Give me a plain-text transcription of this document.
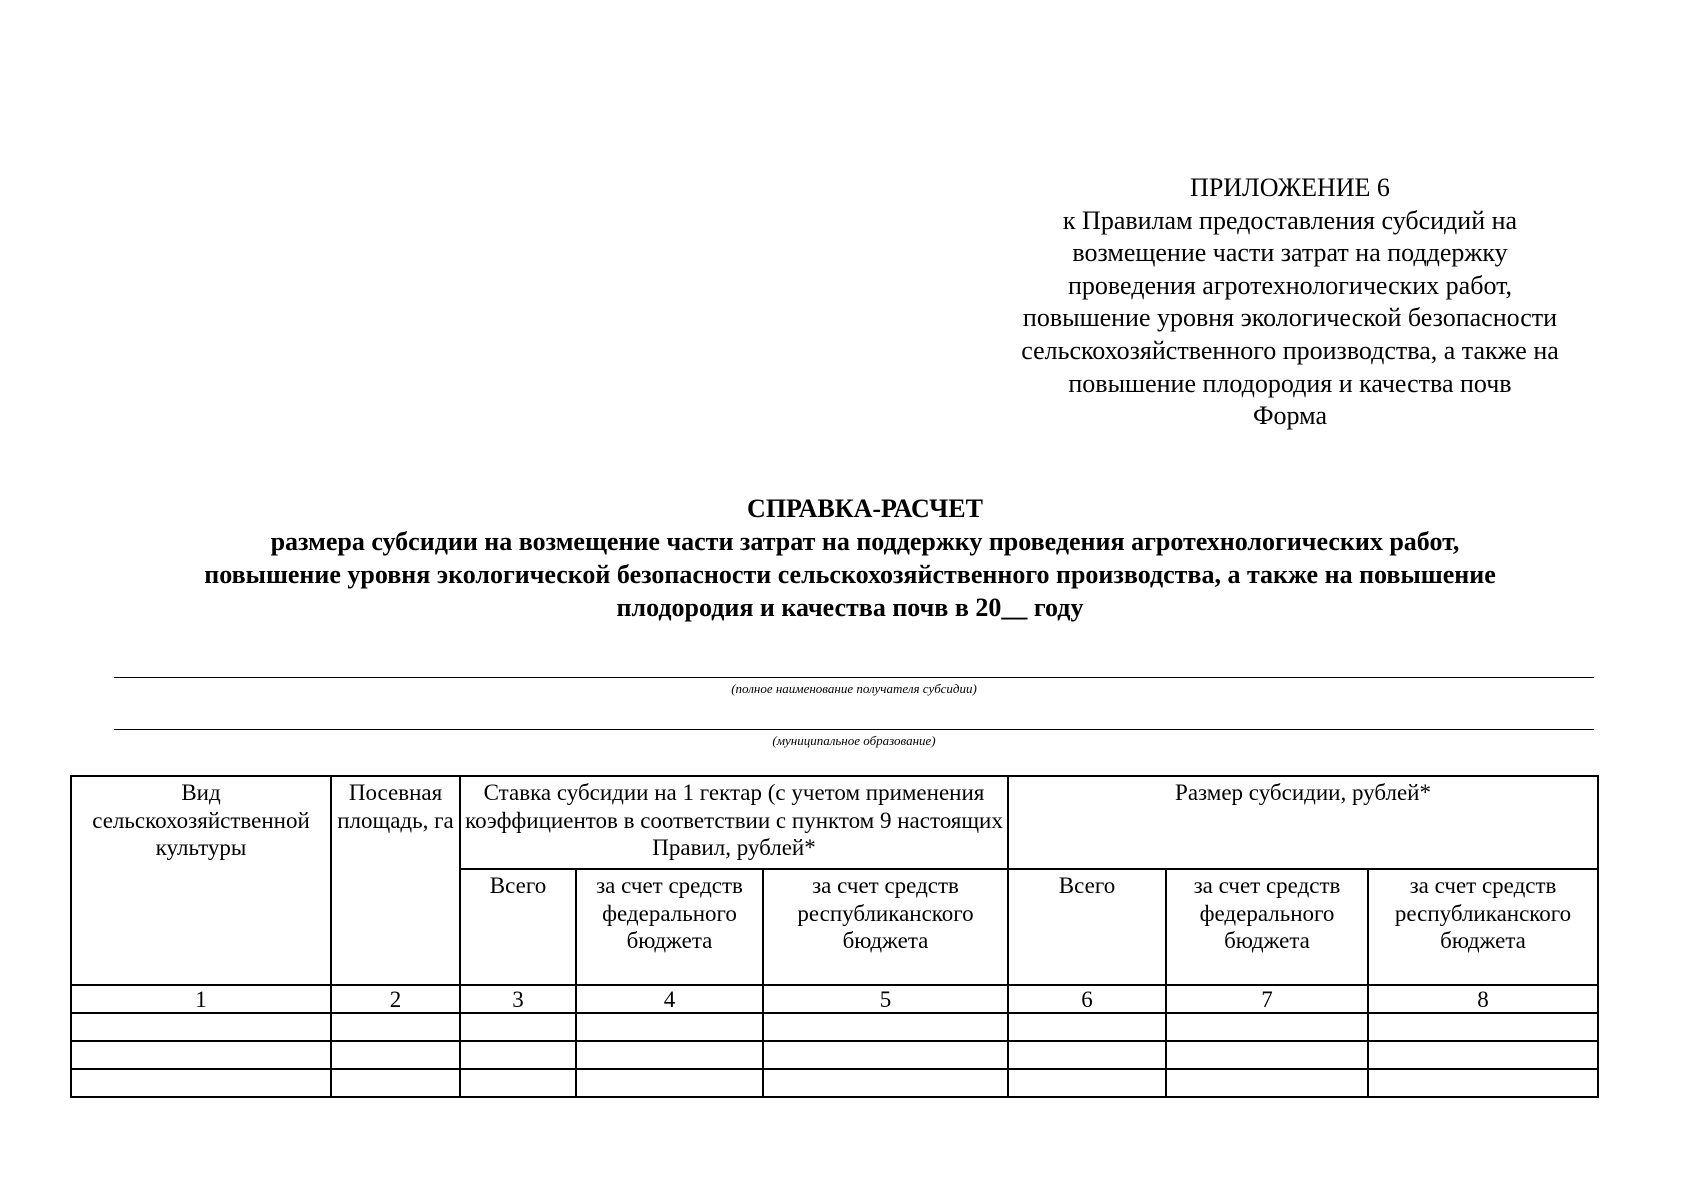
ПРИЛОЖЕНИЕ 6
к Правилам предоставления субсидий на
возмещение части затрат на поддержку
проведения агротехнологических работ,
повышение уровня экологической безопасности
сельскохозяйственного производства, а также на
повышение плодородия и качества почв
Форма
СПРАВКА-РАСЧЕТ
размера субсидии на возмещение части затрат на поддержку проведения агротехнологических работ,
повышение уровня экологической безопасности сельскохозяйственного производства, а также на повышение
плодородия и качества почв в 20__ году
(полное наименование получателя субсидии)
(муниципальное образование)
Вид сельскохозяйственной культуры	Посевная площадь, га	Ставка субсидии на 1 гектар (с учетом применения коэффициентов в соответствии с пунктом 9 настоящих Правил, рублей*			Размер субсидии, рублей*		
		Всего	за счет средств федерального бюджета	за счет средств республиканского бюджета	Всего	за счет средств федерального бюджета	за счет средств республиканского бюджета
1	2	3	4	5	6	7	8
